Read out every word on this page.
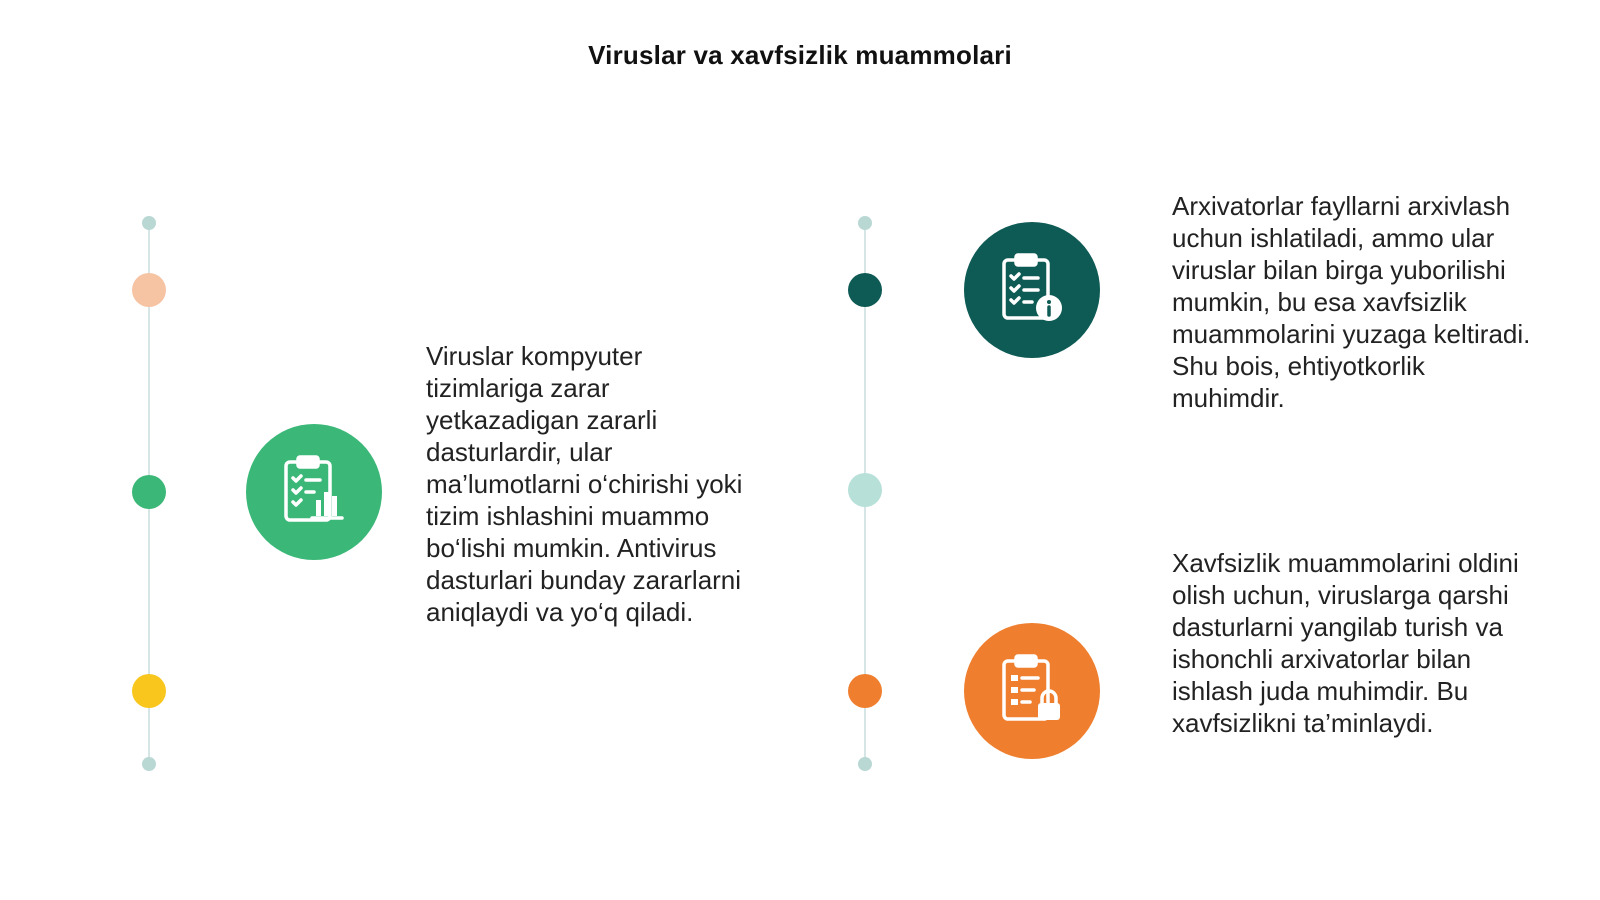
Viruslar va xavfsizlik muammolari
Viruslar kompyuter tizimlariga zarar yetkazadigan zararli dasturlardir, ular ma’lumotlarni o‘chirishi yoki tizim ishlashini muammo bo‘lishi mumkin. Antivirus dasturlari bunday zararlarni aniqlaydi va yo‘q qiladi.
Arxivatorlar fayllarni arxivlash uchun ishlatiladi, ammo ular viruslar bilan birga yuborilishi mumkin, bu esa xavfsizlik muammolarini yuzaga keltiradi. Shu bois, ehtiyotkorlik muhimdir.
Xavfsizlik muammolarini oldini olish uchun, viruslarga qarshi dasturlarni yangilab turish va ishonchli arxivatorlar bilan ishlash juda muhimdir. Bu xavfsizlikni ta’minlaydi.
